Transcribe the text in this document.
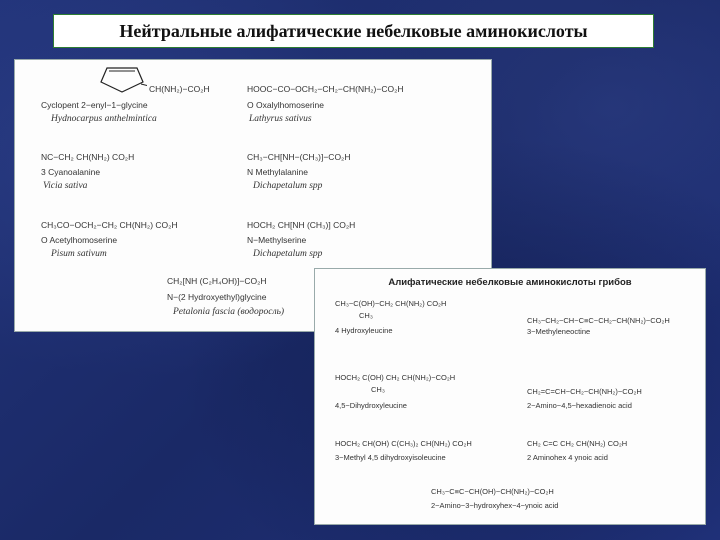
Нейтральные алифатические небелковые аминокислоты
CH(NH₂)−CO₂H
Cyclopent 2−enyl−1−glycine
Hydnocarpus anthelmintica
HOOC−CO−OCH₂−CH₂−CH(NH₂)−CO₂H
O Oxalylhomoserine
Lathyrus sativus
NC−CH₂ CH(NH₂) CO₂H
3 Cyanoalanine
Vicia sativa
CH₃−CH[NH−(CH₃)]−CO₂H
N Methylalanine
Dichapetalum spp
CH₃CO−OCH₂−CH₂ CH(NH₂) CO₂H
O Acetylhomoserine
Pisum sativum
HOCH₂ CH[NH (CH₃)] CO₂H
N−Methylserine
Dichapetalum spp
CH₂[NH (C₂H₄OH)]−CO₂H
N−(2 Hydroxyethyl)glycine
Petalonia fascia (водоросль)
Алифатические небелковые аминокислоты грибов
CH₃−C(OH)−CH₂ CH(NH₂) CO₂H
CH₃
4 Hydroxyleucine
CH₃−CH₂−CH−C≡C−CH₂−CH(NH₂)−CO₂H
3−Methyleneoctine
HOCH₂ C(OH) CH₂ CH(NH₂)−CO₂H
CH₃
4,5−Dihydroxyleucine
CH₂=C=CH−CH₂−CH(NH₂)−CO₂H
2−Amino−4,5−hexadienoic acid
HOCH₂ CH(OH) C(CH₃)₂ CH(NH₂) CO₂H
3−Methyl 4,5 dihydroxyisoleucine
CH₂ C=C CH₂ CH(NH₂) CO₂H
2 Aminohex 4 ynoic acid
CH₃−C≡C−CH(OH)−CH(NH₂)−CO₂H
2−Amino−3−hydroxyhex−4−ynoic acid
